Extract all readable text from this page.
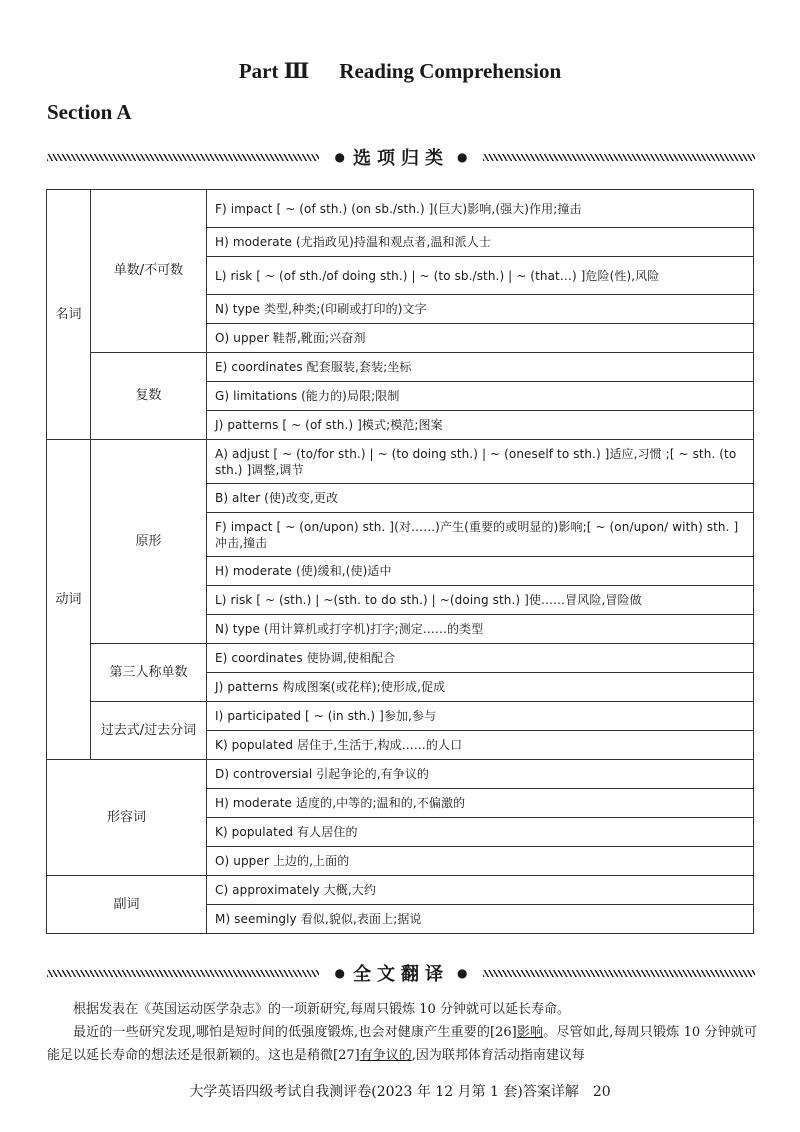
Part Ⅲ Reading Comprehension
Section A
● 选项归类 ●
名词	单数/不可数	F) impact [ ~ (of sth.) (on sb./sth.) ](巨大)影响,(强大)作用;撞击
		H) moderate (尤指政见)持温和观点者,温和派人士
		L) risk [ ~ (of sth./of doing sth.) | ~ (to sb./sth.) | ~ (that…) ]危险(性),风险
		N) type 类型,种类;(印刷或打印的)文字
		O) upper 鞋帮,靴面;兴奋剂
	复数	E) coordinates 配套服装,套装;坐标
		G) limitations (能力的)局限;限制
		J) patterns [ ~ (of sth.) ]模式;模范;图案
动词	原形	A) adjust [ ~ (to/for sth.) | ~ (to doing sth.) | ~ (oneself to sth.) ]适应,习惯 ;[ ~ sth. (to sth.) ]调整,调节
		B) alter (使)改变,更改
		F) impact [ ~ (on/upon) sth. ](对……)产生(重要的或明显的)影响;[ ~ (on/upon/ with) sth. ]冲击,撞击
		H) moderate (使)缓和,(使)适中
		L) risk [ ~ (sth.) | ~(sth. to do sth.) | ~(doing sth.) ]使……冒风险,冒险做
		N) type (用计算机或打字机)打字;测定……的类型
	第三人称单数	E) coordinates 使协调,使相配合
		J) patterns 构成图案(或花样);使形成,促成
	过去式/过去分词	I) participated [ ~ (in sth.) ]参加,参与
		K) populated 居住于,生活于,构成……的人口
形容词		D) controversial 引起争论的,有争议的
		H) moderate 适度的,中等的;温和的,不偏激的
		K) populated 有人居住的
		O) upper 上边的,上面的
副词		C) approximately 大概,大约
		M) seemingly 看似,貌似,表面上;据说
● 全文翻译 ●

根据发表在《英国运动医学杂志》的一项新研究,每周只锻炼 10 分钟就可以延长寿命。

最近的一些研究发现,哪怕是短时间的低强度锻炼,也会对健康产生重要的[26]影响。尽管如此,每周只锻炼 10 分钟就可能足以延长寿命的想法还是很新颖的。这也是稍微[27]有争议的,因为联邦体育活动指南建议每

大学英语四级考试自我测评卷(2023 年 12 月第 1 套)答案详解 20
